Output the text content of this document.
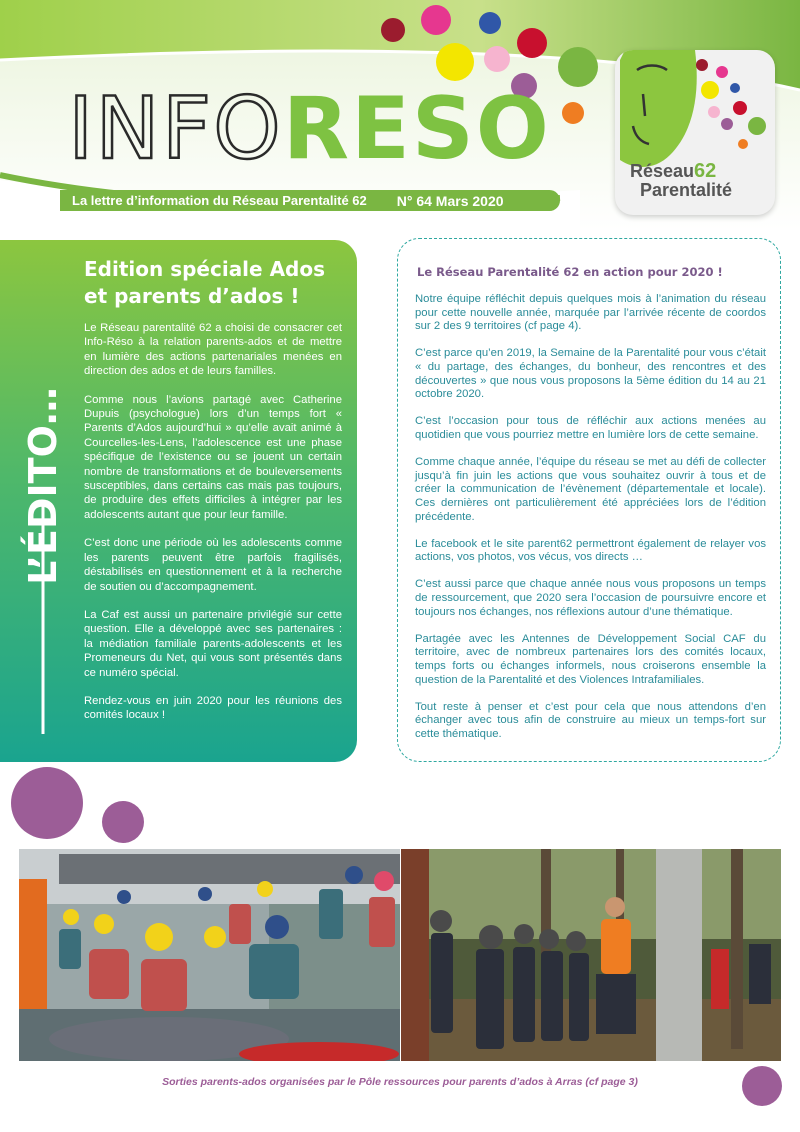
INFORESO
La lettre d’information du Réseau Parentalité 62 N° 64 Mars 2020
Réseau62
Parentalité
L’ÉDITO…
Edition spéciale Ados
et parents d’ados !

Le Réseau parentalité 62 a choisi de consacrer cet Info-Réso à la relation parents-ados et de mettre en lumière des actions partenariales menées en direction des ados et de leurs familles.

Comme nous l’avions partagé avec Catherine Dupuis (psychologue) lors d’un temps fort « Parents d’Ados aujourd’hui » qu’elle avait animé à Courcelles-les-Lens, l’adolescence est une phase spécifique de l’existence ou se jouent un certain nombre de transformations et de bouleversements susceptibles, dans certains cas mais pas toujours, de produire des effets difficiles à intégrer par les adolescents autant que pour leur famille.

C’est donc une période où les adolescents comme les parents peuvent être parfois fragilisés, déstabilisés en questionnement et à la recherche de soutien ou d’accompagnement.

La Caf est aussi un partenaire privilégié sur cette question. Elle a développé avec ses partenaires : la médiation familiale parents-adolescents et les Promeneurs du Net, qui vous sont présentés dans ce numéro spécial.

Rendez-vous en juin 2020 pour les réunions des comités locaux !

Le Réseau Parentalité 62 en action pour 2020 !

Notre équipe réfléchit depuis quelques mois à l’animation du réseau pour cette nouvelle année, marquée par l’arrivée récente de coordos sur 2 des 9 territoires (cf page 4).

C’est parce qu’en 2019, la Semaine de la Parentalité pour vous c’était « du partage, des échanges, du bonheur, des rencontres et des découvertes » que nous vous proposons la 5ème édition du 14 au 21 octobre 2020.

C’est l’occasion pour tous de réfléchir aux actions menées au quotidien que vous pourriez mettre en lumière lors de cette semaine.

Comme chaque année, l’équipe du réseau se met au défi de collecter jusqu’à fin juin les actions que vous souhaitez ouvrir à tous et de créer la communication de l’évènement (départementale et locale). Ces dernières ont particulièrement été appréciées lors de l’édition précédente.

Le facebook et le site parent62 permettront également de relayer vos actions, vos photos, vos vécus, vos directs …

C’est aussi parce que chaque année nous vous proposons un temps de ressourcement, que 2020 sera l’occasion de poursuivre encore et toujours nos échanges, nos réflexions autour d’une thématique.

Partagée avec les Antennes de Développement Social CAF du territoire, avec de nombreux partenaires lors des comités locaux, temps forts ou échanges informels, nous croiserons ensemble la question de la Parentalité et des Violences Intrafamiliales.

Tout reste à penser et c’est pour cela que nous attendons d’en échanger avec tous afin de construire au mieux un temps-fort sur cette thématique.

Sorties parents-ados organisées par le Pôle ressources pour parents d’ados à Arras (cf page 3)
